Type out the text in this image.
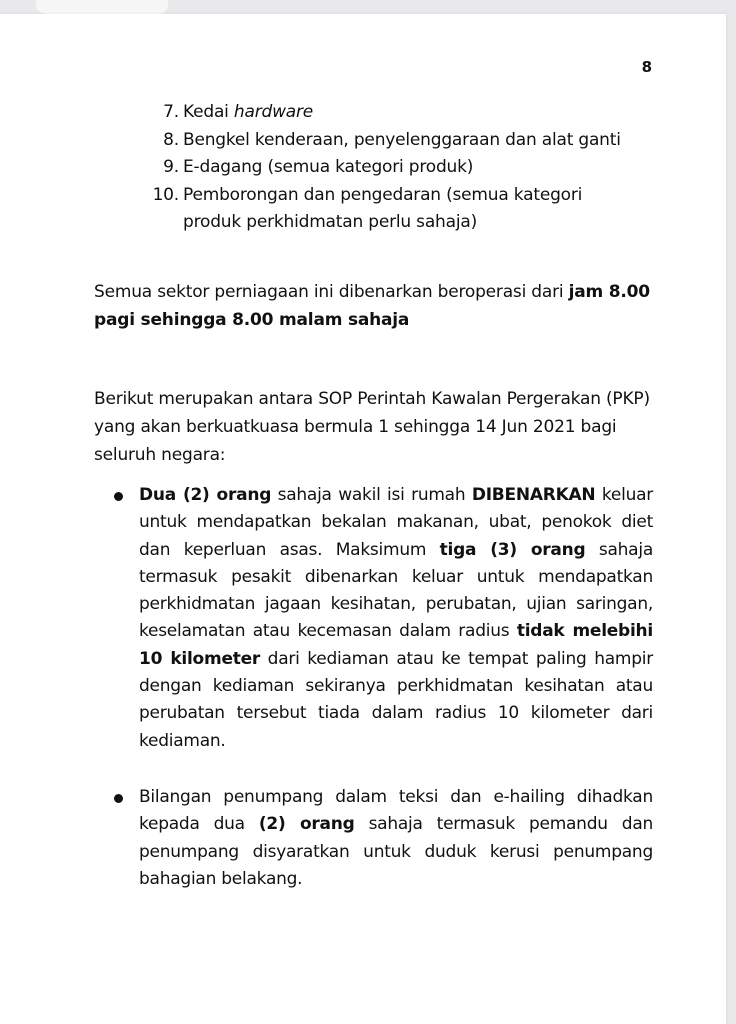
8
7. Kedai hardware
8. Bengkel kenderaan, penyelenggaraan dan alat ganti
9. E-dagang (semua kategori produk)
10. Pemborongan dan pengedaran (semua kategori produk perkhidmatan perlu sahaja)
Semua sektor perniagaan ini dibenarkan beroperasi dari jam 8.00 pagi sehingga 8.00 malam sahaja
Berikut merupakan antara SOP Perintah Kawalan Pergerakan (PKP) yang akan berkuatkuasa bermula 1 sehingga 14 Jun 2021 bagi seluruh negara:
Dua (2) orang sahaja wakil isi rumah DIBENARKAN keluar untuk mendapatkan bekalan makanan, ubat, penokok diet dan keperluan asas. Maksimum tiga (3) orang sahaja termasuk pesakit dibenarkan keluar untuk mendapatkan perkhidmatan jagaan kesihatan, perubatan, ujian saringan, keselamatan atau kecemasan dalam radius tidak melebihi 10 kilometer dari kediaman atau ke tempat paling hampir dengan kediaman sekiranya perkhidmatan kesihatan atau perubatan tersebut tiada dalam radius 10 kilometer dari kediaman.
Bilangan penumpang dalam teksi dan e-hailing dihadkan kepada dua (2) orang sahaja termasuk pemandu dan penumpang disyaratkan untuk duduk kerusi penumpang bahagian belakang.
